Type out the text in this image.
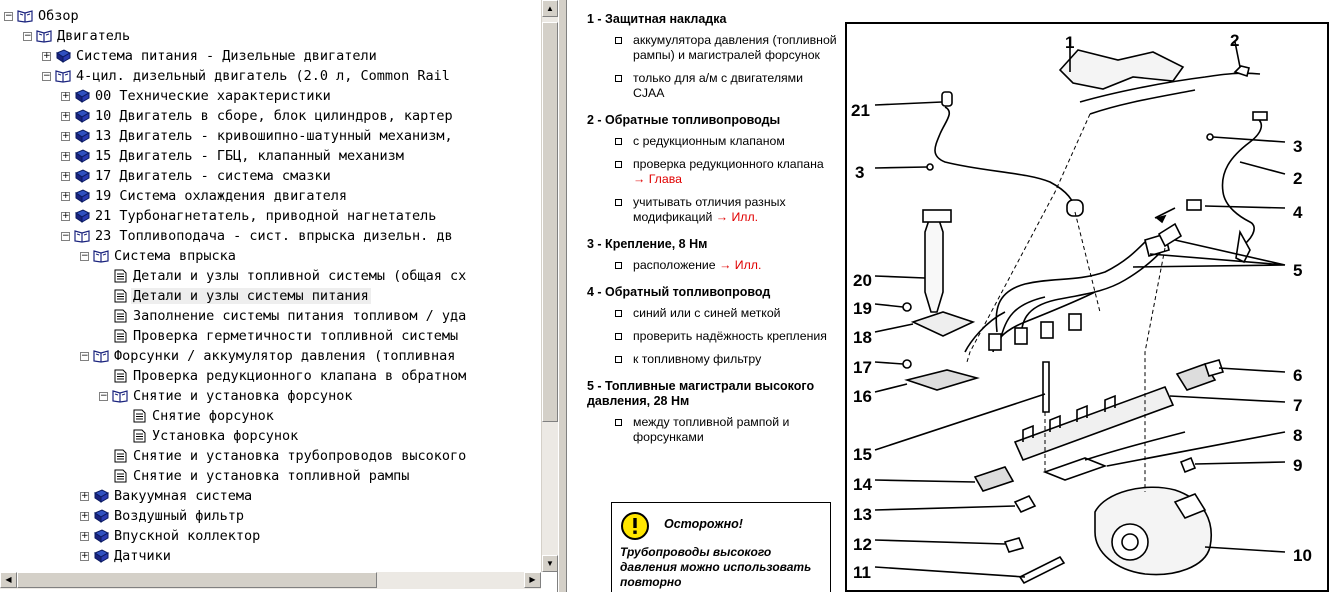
− Обзор
− Двигатель
+ Система питания - Дизельные двигатели
− 4-цил. дизельный двигатель (2.0 л, Common Rail
+ 00 Технические характеристики
+ 10 Двигатель в сборе, блок цилиндров, картер
+ 13 Двигатель - кривошипно-шатунный механизм,
+ 15 Двигатель - ГБЦ, клапанный механизм
+ 17 Двигатель - система смазки
+ 19 Система охлаждения двигателя
+ 21 Турбонагнетатель, приводной нагнетатель
− 23 Топливоподача - сист. впрыска дизельн. дв
− Система впрыска
Детали и узлы топливной системы (общая сх
Детали и узлы системы питания
Заполнение системы питания топливом / уда
Проверка герметичности топливной системы
− Форсунки / аккумулятор давления (топливная
Проверка редукционного клапана в обратном
− Снятие и установка форсунок
Снятие форсунок
Установка форсунок
Снятие и установка трубопроводов высокого
Снятие и установка топливной рампы
+ Вакуумная система
+ Воздушный фильтр
+ Впускной коллектор
+ Датчики
▲
▼
◀	▶
1 - Защитная накладка
аккумулятора давления (топливной рампы) и магистралей форсунок
только для а/м с двигателями CJAA
2 - Обратные топливопроводы
с редукционным клапаном
проверка редукционного клапана → Глава
учитывать отличия разных модификаций → Илл.
3 - Крепление, 8 Нм
расположение → Илл.
4 - Обратный топливопровод
синий или с синей меткой
проверить надёжность крепления
к топливному фильтру
5 - Топливные магистрали высокого давления, 28 Нм
между топливной рампой и форсунками
Осторожно!
Трубопроводы высокого давления можно использовать повторно
1	2
3
2
4
5
6
7
8
9
10
11
12
13
14
15
16
17
18
19
20
3
21
